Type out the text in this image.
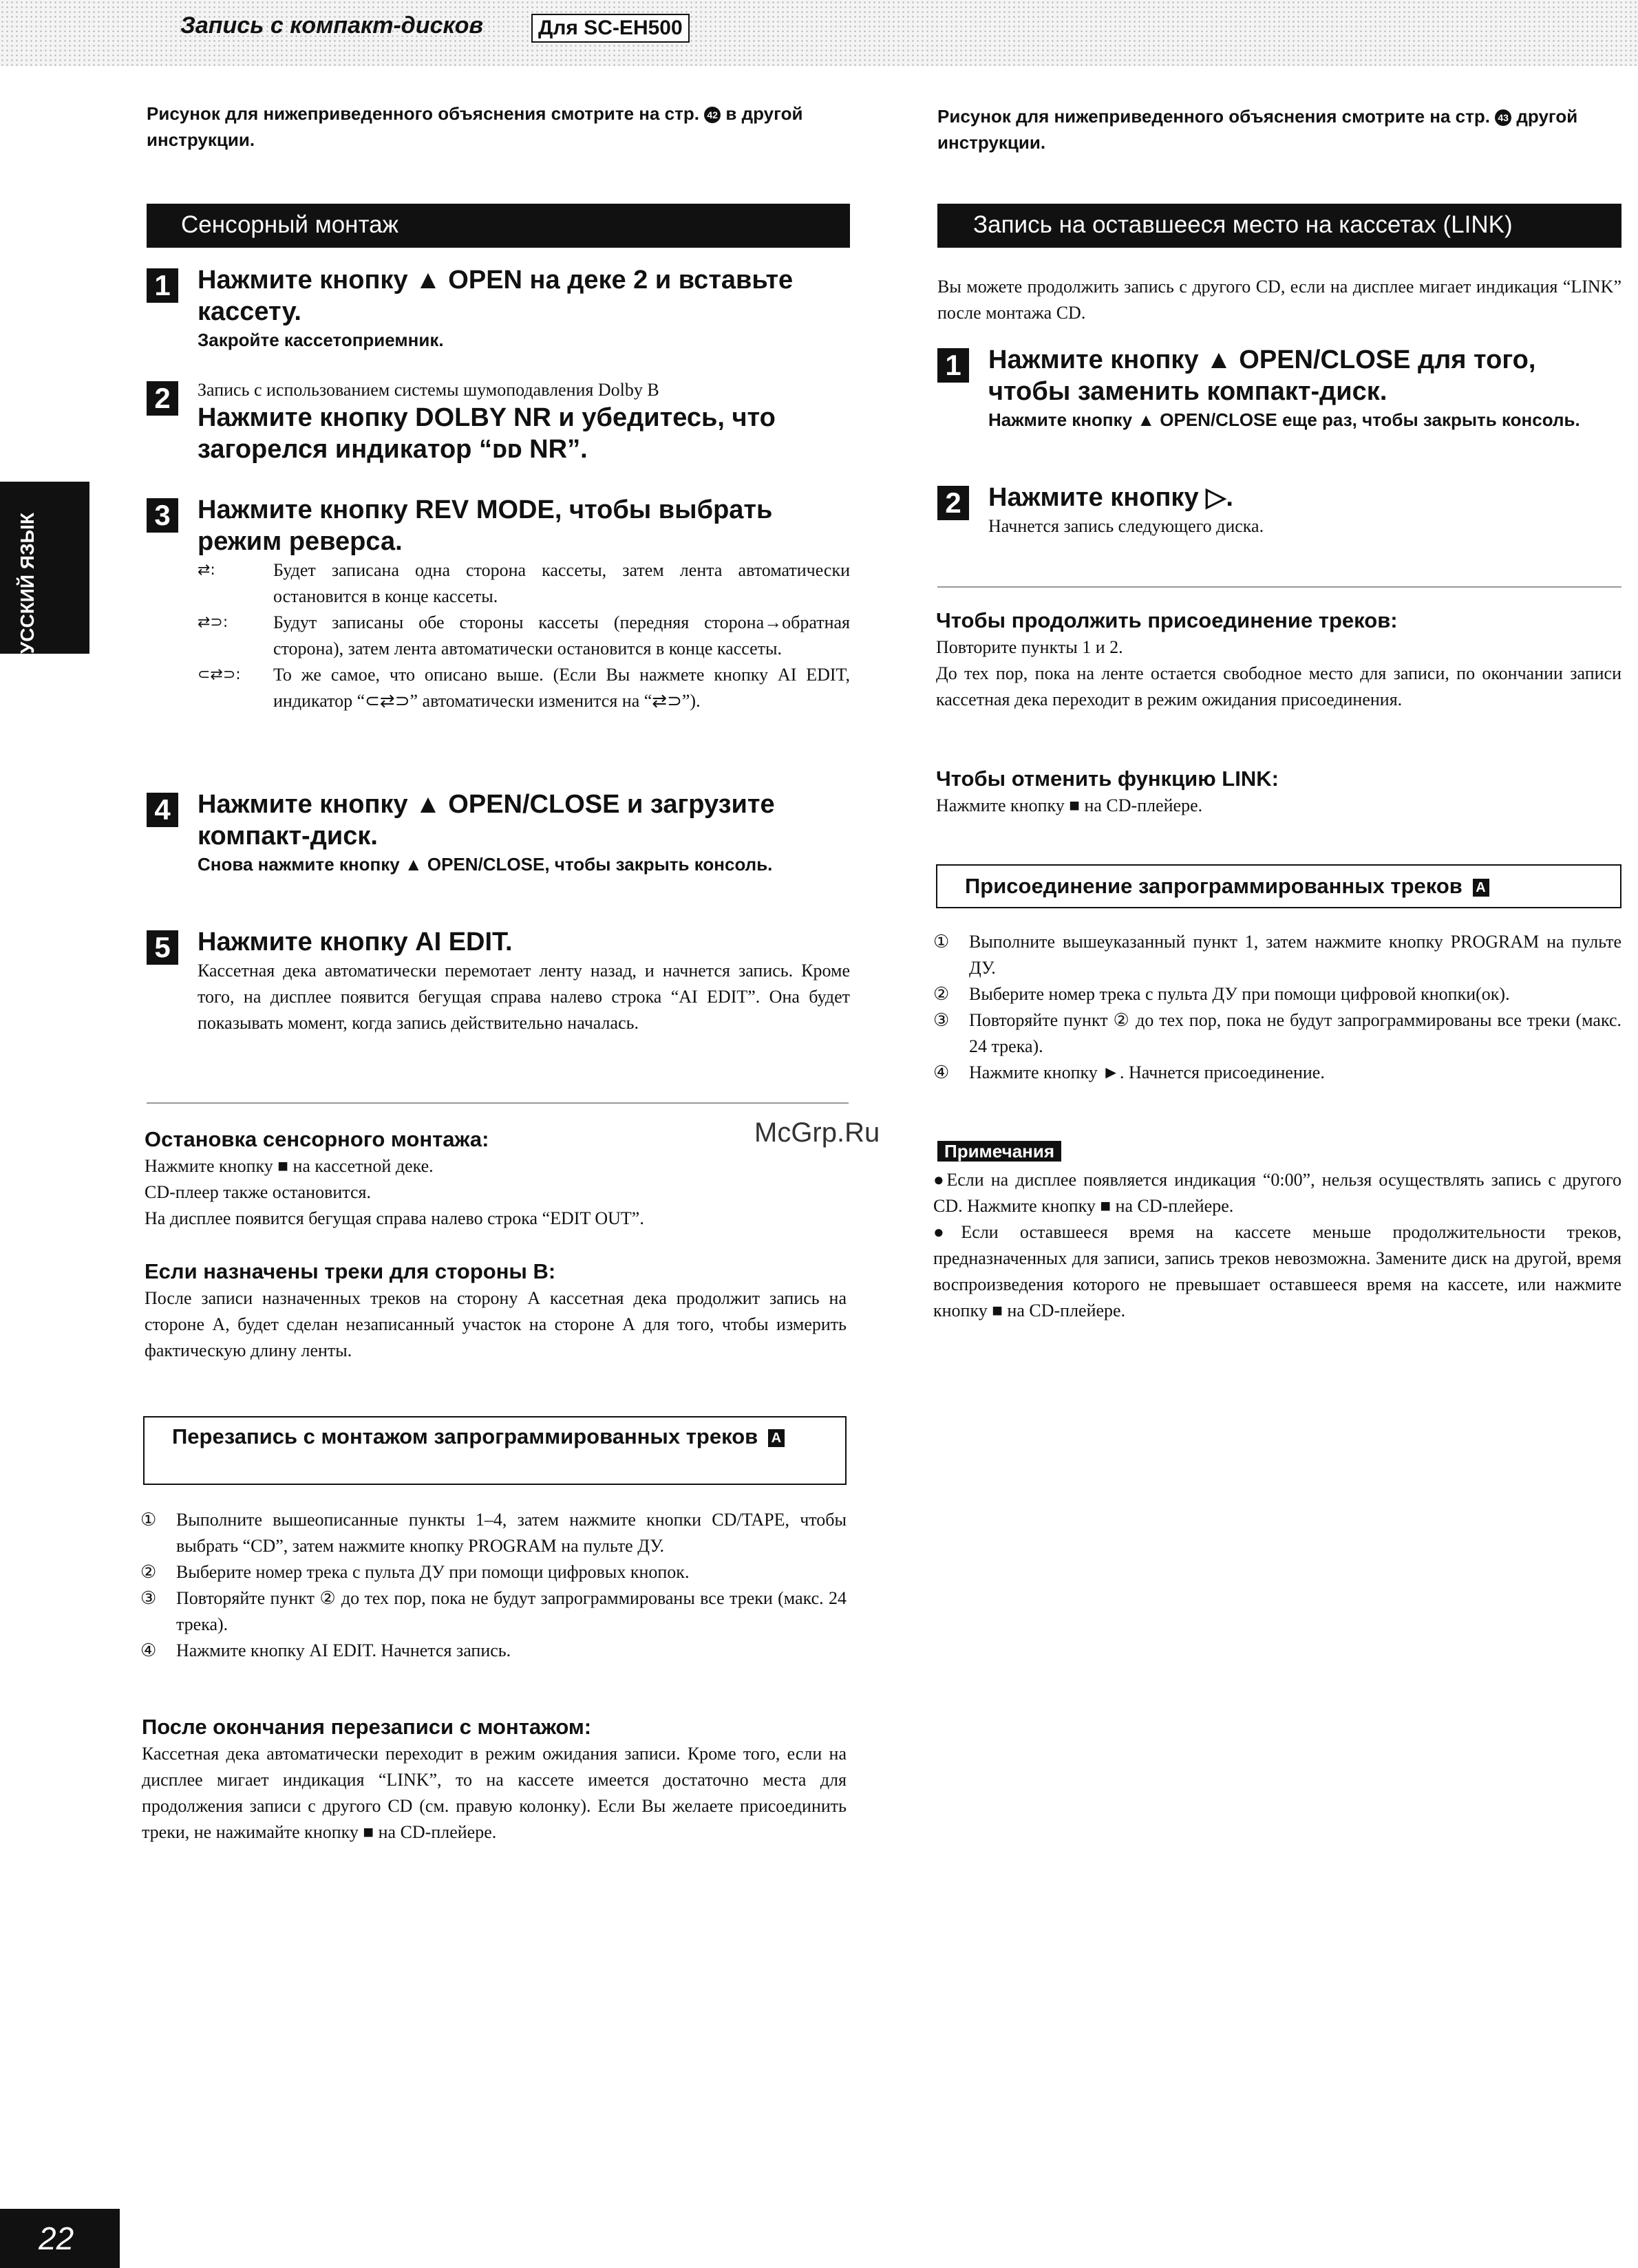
Запись с компакт-дисков	Для SC-EH500
РУССКИЙ ЯЗЫК
Рисунок для нижеприведенного объяснения смотрите на стр. 42 в другой инструкции.
Сенсорный монтаж
1 Нажмите кнопку ▲ OPEN на деке 2 и вставьте кассету.
Закройте кассетоприемник.
2	Запись с использованием системы шумоподавления Dolby B
Нажмите кнопку DOLBY NR и убедитесь, что загорелся индикатор “ᴅᴅ NR”.
3 Нажмите кнопку REV MODE, чтобы выбрать режим реверса.
⇄:	Будет записана одна сторона кассеты, затем лента автоматически остановится в конце кассеты.
⇄⊃:	Будут записаны обе стороны кассеты (передняя сторона→обратная сторона), затем лента автоматически остановится в конце кассеты.
⊂⇄⊃:	То же самое, что описано выше. (Если Вы нажмете кнопку AI EDIT, индикатор “⊂⇄⊃” автоматически изменится на “⇄⊃”).
4 Нажмите кнопку ▲ OPEN/CLOSE и загрузите компакт-диск.
Снова нажмите кнопку ▲ OPEN/CLOSE, чтобы закрыть консоль.
5 Нажмите кнопку AI EDIT.
Кассетная дека автоматически перемотает ленту назад, и начнется запись. Кроме того, на дисплее появится бегущая справа налево строка “AI EDIT”. Она будет показывать момент, когда запись действительно началась.
Остановка сенсорного монтажа:
Нажмите кнопку ■ на кассетной деке.
CD-плеер также остановится.
На дисплее появится бегущая справа налево строка “EDIT OUT”.
Если назначены треки для стороны B:
После записи назначенных треков на сторону А кассетная дека продолжит запись на стороне А, будет сделан незаписанный участок на стороне А для того, чтобы измерить фактическую длину ленты.
Перезапись с монтажом запрограммированных треков A
①	Выполните вышеописанные пункты 1–4, затем нажмите кнопки CD/TAPE, чтобы выбрать “CD”, затем нажмите кнопку PROGRAM на пульте ДУ.
②	Выберите номер трека с пульта ДУ при помощи цифровых кнопок.
③	Повторяйте пункт ② до тех пор, пока не будут запрограммированы все треки (макс. 24 трека).
④	Нажмите кнопку AI EDIT. Начнется запись.
После окончания перезаписи с монтажом:
Кассетная дека автоматически переходит в режим ожидания записи. Кроме того, если на дисплее мигает индикация “LINK”, то на кассете имеется достаточно места для продолжения записи с другого CD (см. правую колонку). Если Вы желаете присоединить треки, не нажимайте кнопку ■ на CD-плейере.
McGrp.Ru
Рисунок для нижеприведенного объяснения смотрите на стр. 43 другой инструкции.
Запись на оставшееся место на кассетах (LINK)
Вы можете продолжить запись с другого CD, если на дисплее мигает индикация “LINK” после монтажа CD.
1 Нажмите кнопку ▲ OPEN/CLOSE для того, чтобы заменить компакт-диск.
Нажмите кнопку ▲ OPEN/CLOSE еще раз, чтобы закрыть консоль.
2 Нажмите кнопку ▷.
Начнется запись следующего диска.
Чтобы продолжить присоединение треков:
Повторите пункты 1 и 2.
До тех пор, пока на ленте остается свободное место для записи, по окончании записи кассетная дека переходит в режим ожидания присоединения.
Чтобы отменить функцию LINK:
Нажмите кнопку ■ на CD-плейере.
Присоединение запрограммированных треков A
①	Выполните вышеуказанный пункт 1, затем нажмите кнопку PROGRAM на пульте ДУ.
②	Выберите номер трека с пульта ДУ при помощи цифровой кнопки(ок).
③	Повторяйте пункт ② до тех пор, пока не будут запрограммированы все треки (макс. 24 трека).
④	Нажмите кнопку ►. Начнется присоединение.
Примечания
●Если на дисплее появляется индикация “0:00”, нельзя осуществлять запись с другого CD. Нажмите кнопку ■ на CD-плейере.
●Если оставшееся время на кассете меньше продолжительности треков, предназначенных для записи, запись треков невозможна. Замените диск на другой, время воспроизведения которого не превышает оставшееся время на кассете, или нажмите кнопку ■ на CD-плейере.
22
